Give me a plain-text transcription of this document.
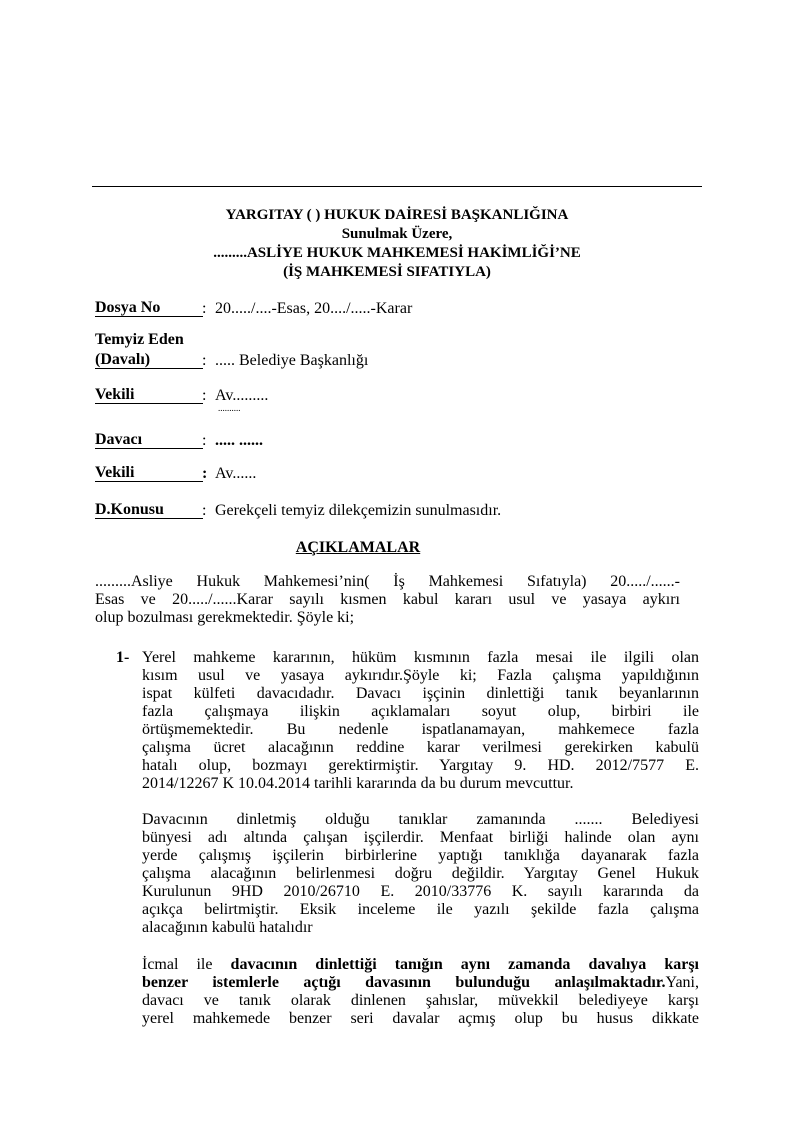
YARGITAY ( ) HUKUK DAİRESİ BAŞKANLIĞINA
Sunulmak Üzere,
.........ASLİYE HUKUK MAHKEMESİ HAKİMLİĞİ’NE
(İŞ MAHKEMESİ SIFATIYLA)
Dosya No	: 20...../....-Esas, 20..../.....-Karar
Temyiz Eden
(Davalı)	: ..... Belediye Başkanlığı
Vekili	: Av.........
..........
Davacı	: ..... ......
Vekili	: Av......
D.Konusu	: Gerekçeli temyiz dilekçemizin sunulmasıdır.
AÇIKLAMALAR
.........Asliye Hukuk Mahkemesi’nin( İş Mahkemesi Sıfatıyla) 20...../......-
Esas ve 20...../......Karar sayılı kısmen kabul kararı usul ve yasaya aykırı
olup bozulması gerekmektedir. Şöyle ki;
1- Yerel mahkeme kararının, hüküm kısmının fazla mesai ile ilgili olan
kısım usul ve yasaya aykırıdır.Şöyle ki; Fazla çalışma yapıldığının
ispat külfeti davacıdadır. Davacı işçinin dinlettiği tanık beyanlarının
fazla çalışmaya ilişkin açıklamaları soyut olup, birbiri ile
örtüşmemektedir. Bu nedenle ispatlanamayan, mahkemece fazla
çalışma ücret alacağının reddine karar verilmesi gerekirken kabulü
hatalı olup, bozmayı gerektirmiştir. Yargıtay 9. HD. 2012/7577 E.
2014/12267 K 10.04.2014 tarihli kararında da bu durum mevcuttur.
Davacının dinletmiş olduğu tanıklar zamanında ....... Belediyesi
bünyesi adı altında çalışan işçilerdir. Menfaat birliği halinde olan aynı
yerde çalışmış işçilerin birbirlerine yaptığı tanıklığa dayanarak fazla
çalışma alacağının belirlenmesi doğru değildir. Yargıtay Genel Hukuk
Kurulunun 9HD 2010/26710 E. 2010/33776 K. sayılı kararında da
açıkça belirtmiştir. Eksik inceleme ile yazılı şekilde fazla çalışma
alacağının kabulü hatalıdır
İcmal ile davacının dinlettiği tanığın aynı zamanda davalıya karşı
benzer istemlerle açtığı davasının bulunduğu anlaşılmaktadır.Yani,
davacı ve tanık olarak dinlenen şahıslar, müvekkil belediyeye karşı
yerel mahkemede benzer seri davalar açmış olup bu husus dikkate
